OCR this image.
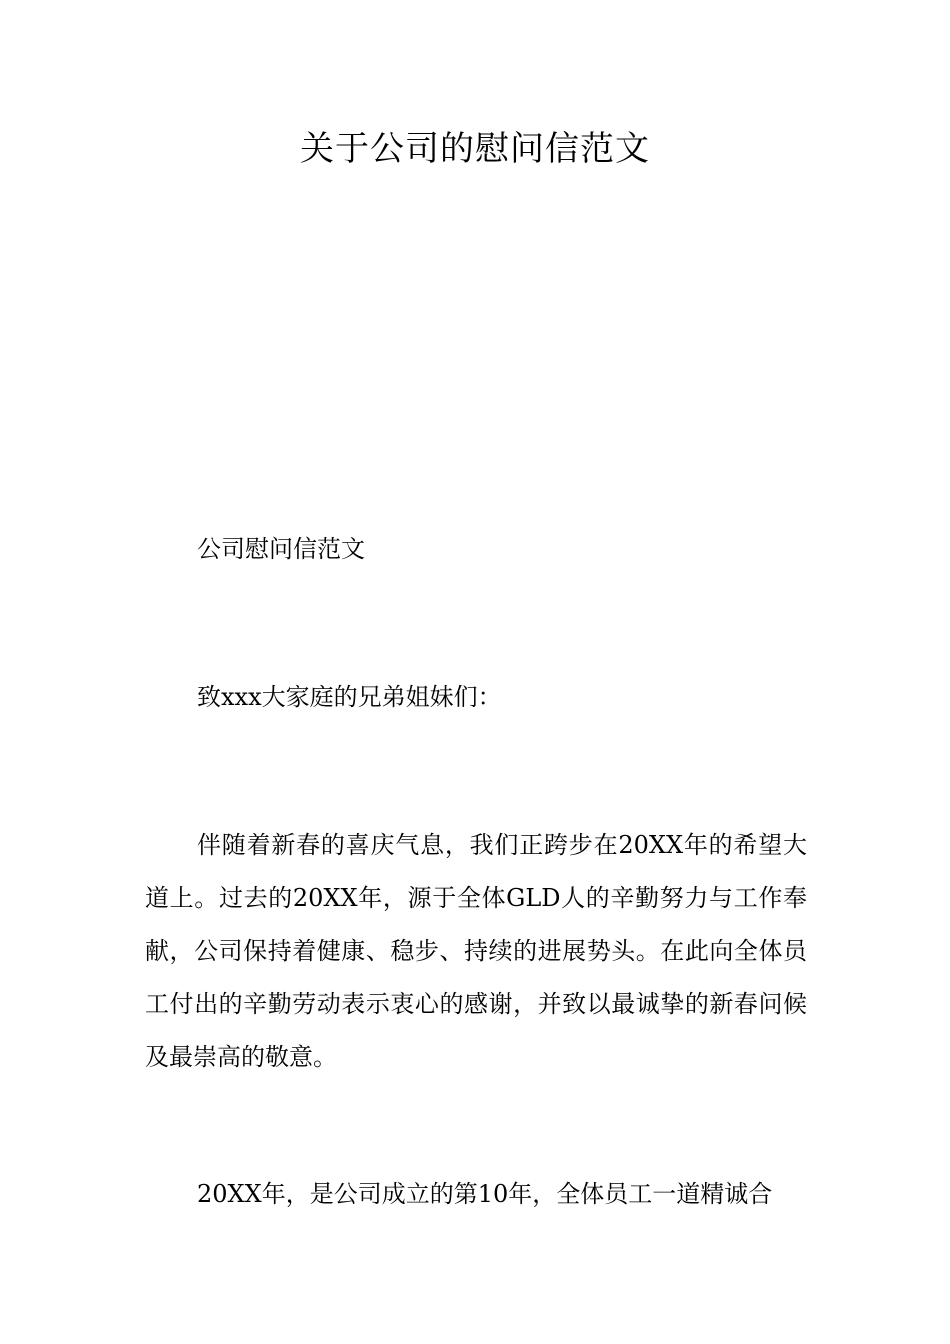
关于公司的慰问信范文

公司慰问信范文

致xxx大家庭的兄弟姐妹们：

伴随着新春的喜庆气息，我们正跨步在20XX年的希望大道上。过去的20XX年，源于全体GLD人的辛勤努力与工作奉献，公司保持着健康、稳步、持续的进展势头。在此向全体员工付出的辛勤劳动表示衷心的感谢，并致以最诚挚的新春问候及最崇高的敬意。

20XX年，是公司成立的第10年，全体员工一道精诚合
